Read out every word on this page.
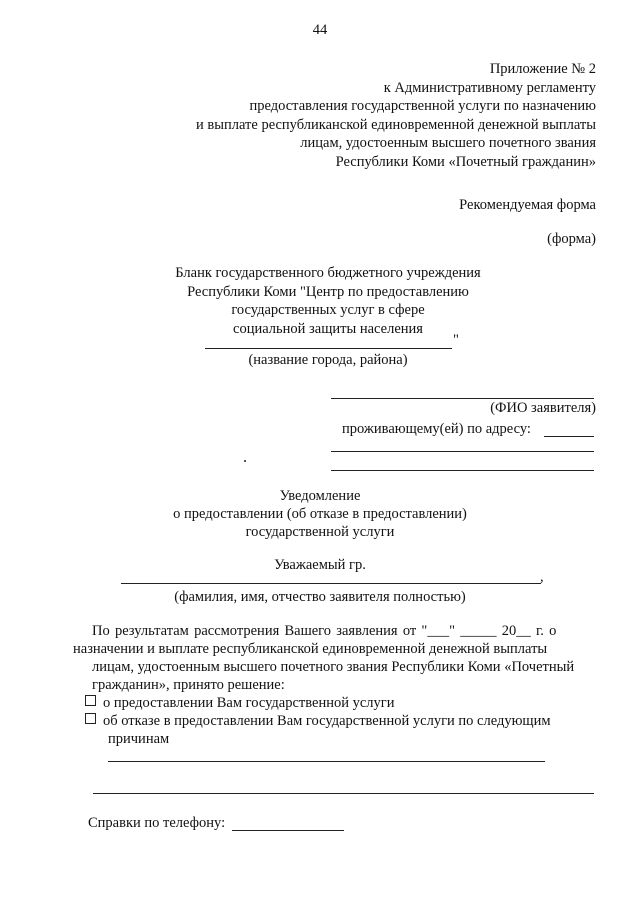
44
Приложение № 2
к Административному регламенту
предоставления государственной услуги по назначению
и выплате республиканской единовременной денежной выплаты
лицам, удостоенным высшего почетного звания
Республики Коми «Почетный гражданин»
Рекомендуемая форма
(форма)
Бланк государственного бюджетного учреждения
Республики Коми "Центр по предоставлению
государственных услуг в сфере
социальной защиты населения
"
(название города, района)
(ФИО заявителя)
проживающему(ей) по адресу:
Уведомление
о предоставлении (об отказе в предоставлении)
государственной услуги
Уважаемый гр.
,
(фамилия, имя, отчество заявителя полностью)
По результатам рассмотрения Вашего заявления от "___" _____ 20__ г. о
назначении и выплате республиканской единовременной денежной выплаты
лицам, удостоенным высшего почетного звания Республики Коми «Почетный
гражданин», принято решение:
о предоставлении Вам государственной услуги
об отказе в предоставлении Вам государственной услуги по следующим
причинам
Справки по телефону:
